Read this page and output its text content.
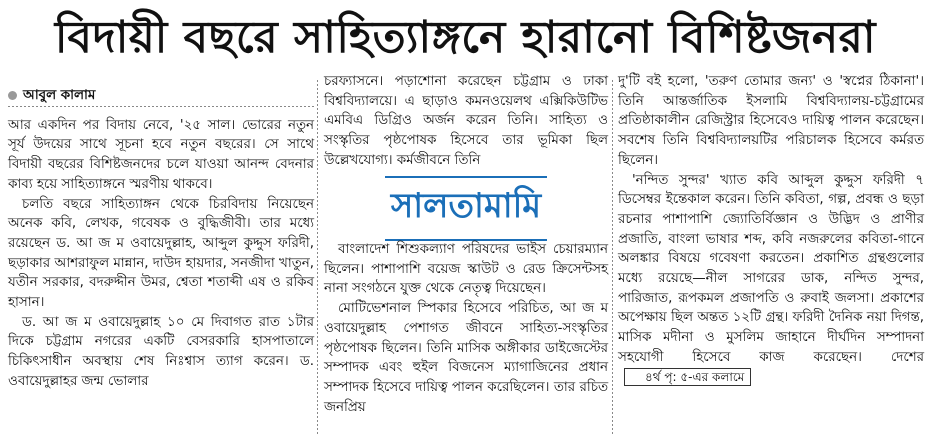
বিদায়ী বছরে সাহিত্যাঙ্গনে হারানো বিশিষ্টজনরা
আবুল কালাম

আর একদিন পর বিদায় নেবে, '২৫ সাল। ভোরের নতুন সূর্য উদয়ের সাথে সূচনা হবে নতুন বছরের। সে সাথে বিদায়ী বছরের বিশিষ্টজনদের চলে যাওয়া আনন্দ বেদনার কাব্য হয়ে সাহিত্যাঙ্গনে স্মরণীয় থাকবে।

চলতি বছরে সাহিত্যাঙ্গন থেকে চিরবিদায় নিয়েছেন অনেক কবি, লেখক, গবেষক ও বুদ্ধিজীবী। তার মধ্যে রয়েছেন ড. আ জ ম ওবায়েদুল্লাহ, আব্দুল কুদ্দুস ফরিদী, ছড়াকার আশরাফুল মান্নান, দাউদ হায়দার, সনজীদা খাতুন, যতীন সরকার, বদরুদ্দীন উমর, শ্বেতা শতাব্দী এষ ও রকিব হাসান।

ড. আ জ ম ওবায়েদুল্লাহ ১০ মে দিবাগত রাত ১টার দিকে চট্টগ্রাম নগরের একটি বেসরকারি হাসপাতালে চিকিৎসাধীন অবস্থায় শেষ নিঃশ্বাস ত্যাগ করেন। ড. ওবায়েদুল্লাহর জন্ম ভোলার

চরফ্যাসনে। পড়াশোনা করেছেন চট্টগ্রাম ও ঢাকা বিশ্ববিদ্যালয়ে। এ ছাড়াও কমনওয়েলথ এক্সিকিউটিভ এমবিএ ডিগ্রিও অর্জন করেন তিনি। সাহিত্য ও সংস্কৃতির পৃষ্ঠপোষক হিসেবে তার ভূমিকা ছিল উল্লেখযোগ্য। কর্মজীবনে তিনি

সালতামামি

বাংলাদেশ শিশুকল্যাণ পরিষদের ভাইস চেয়ারম্যান ছিলেন। পাশাপাশি বয়েজ স্কাউট ও রেড ক্রিসেন্টসহ নানা সংগঠনে যুক্ত থেকে নেতৃত্ব দিয়েছেন।

মোটিভেশনাল স্পিকার হিসেবে পরিচিত, আ জ ম ওবায়েদুল্লাহ পেশাগত জীবনে সাহিত্য-সংস্কৃতির পৃষ্ঠপোষক ছিলেন। তিনি মাসিক অঙ্গীকার ডাইজেস্টের সম্পাদক এবং হুইল বিজনেস ম্যাগাজিনের প্রধান সম্পাদক হিসেবে দায়িত্ব পালন করেছিলেন। তার রচিত জনপ্রিয়

দু'টি বই হলো, 'তরুণ তোমার জন্য' ও 'স্বপ্নের ঠিকানা'। তিনি আন্তর্জাতিক ইসলামি বিশ্ববিদ্যালয়-চট্টগ্রামের প্রতিষ্ঠাকালীন রেজিস্ট্রার হিসেবেও দায়িত্ব পালন করেছেন। সবশেষ তিনি বিশ্ববিদ্যালয়টির পরিচালক হিসেবে কর্মরত ছিলেন।

'নন্দিত সুন্দর' খ্যাত কবি আব্দুল কুদ্দুস ফরিদী ৭ ডিসেম্বর ইন্তেকাল করেন। তিনি কবিতা, গল্প, প্রবন্ধ ও ছড়া রচনার পাশাপাশি জ্যোতির্বিজ্ঞান ও উদ্ভিদ ও প্রাণীর প্রজাতি, বাংলা ভাষার শব্দ, কবি নজরুলের কবিতা-গানে অলঙ্কার বিষয়ে গবেষণা করতেন। প্রকাশিত গ্রন্থগুলোর মধ্যে রয়েছে—নীল সাগরের ডাক, নন্দিত সুন্দর, পারিজাত, রূপকমল প্রজাপতি ও রুবাই জলসা। প্রকাশের অপেক্ষায় ছিল অন্তত ১২টি গ্রন্থ। ফরিদী দৈনিক নয়া দিগন্ত, মাসিক মদীনা ও মুসলিম জাহানে দীর্ঘদিন সম্পাদনা সহযোগী হিসেবে কাজ করেছেন। দেশের৪র্থ পৃ: ৫-এর কলামে
